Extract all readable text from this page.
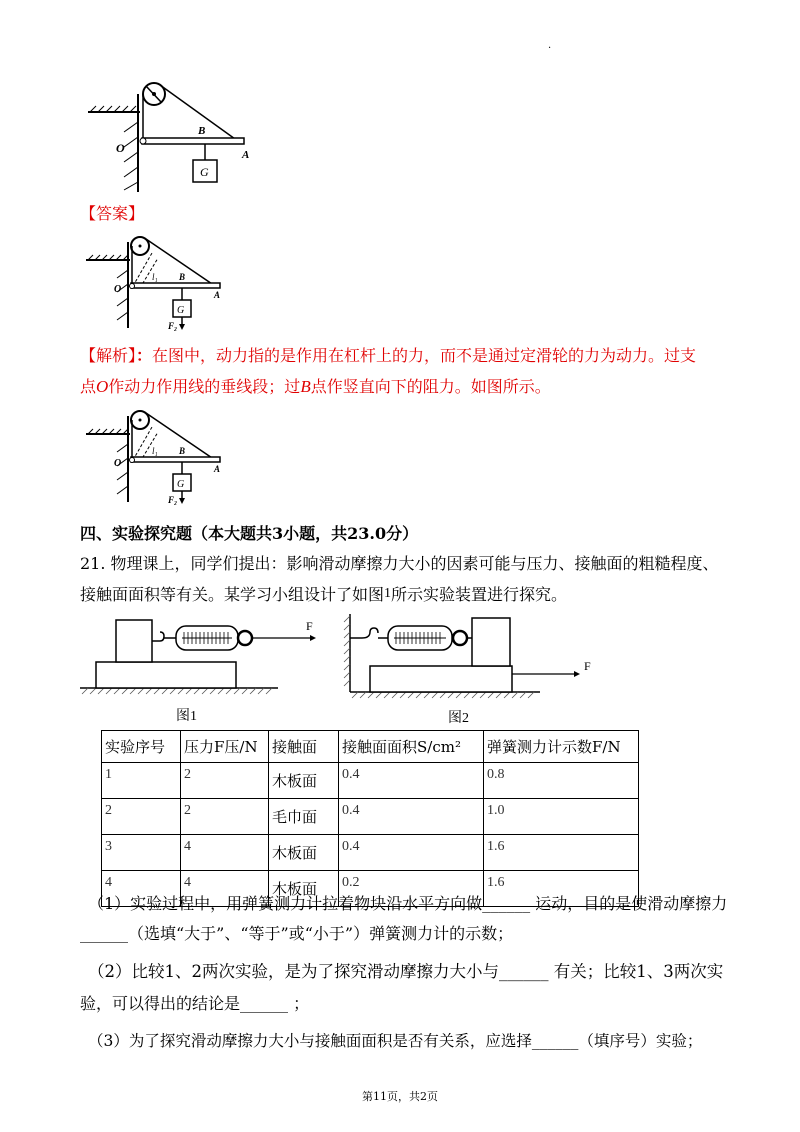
.
G
B
A
O
【答案】
G
B
A
O
l₁
F₂
【解析】：在图中，动力指的是作用在杠杆上的力，而不是通过定滑轮的力为动力。过支
点O作动力作用线的垂线段；过B点作竖直向下的阻力。如图所示。
G
B
A
O
l₁
F₂
四、实验探究题（本大题共3小题，共23.0分）
21. 物理课上，同学们提出：影响滑动摩擦力大小的因素可能与压力、接触面的粗糙程度、
接触面面积等有关。某学习小组设计了如图1所示实验装置进行探究。
F
图1
F
图2
实验序号	压力F压/N	接触面	接触面面积S/cm²	弹簧测力计示数F/N
1	2	木板面	0.4	0.8
2	2	毛巾面	0.4	1.0
3	4	木板面	0.4	1.6
4	4	木板面	0.2	1.6
（1）实验过程中，用弹簧测力计拉着物块沿水平方向做______ 运动，目的是使滑动摩擦力
______（选填“大于”、“等于”或“小于”）弹簧测力计的示数；
（2）比较1、2两次实验，是为了探究滑动摩擦力大小与______ 有关；比较1、3两次实
验，可以得出的结论是______ ；
（3）为了探究滑动摩擦力大小与接触面面积是否有关系，应选择______（填序号）实验；
第11页，共2页
